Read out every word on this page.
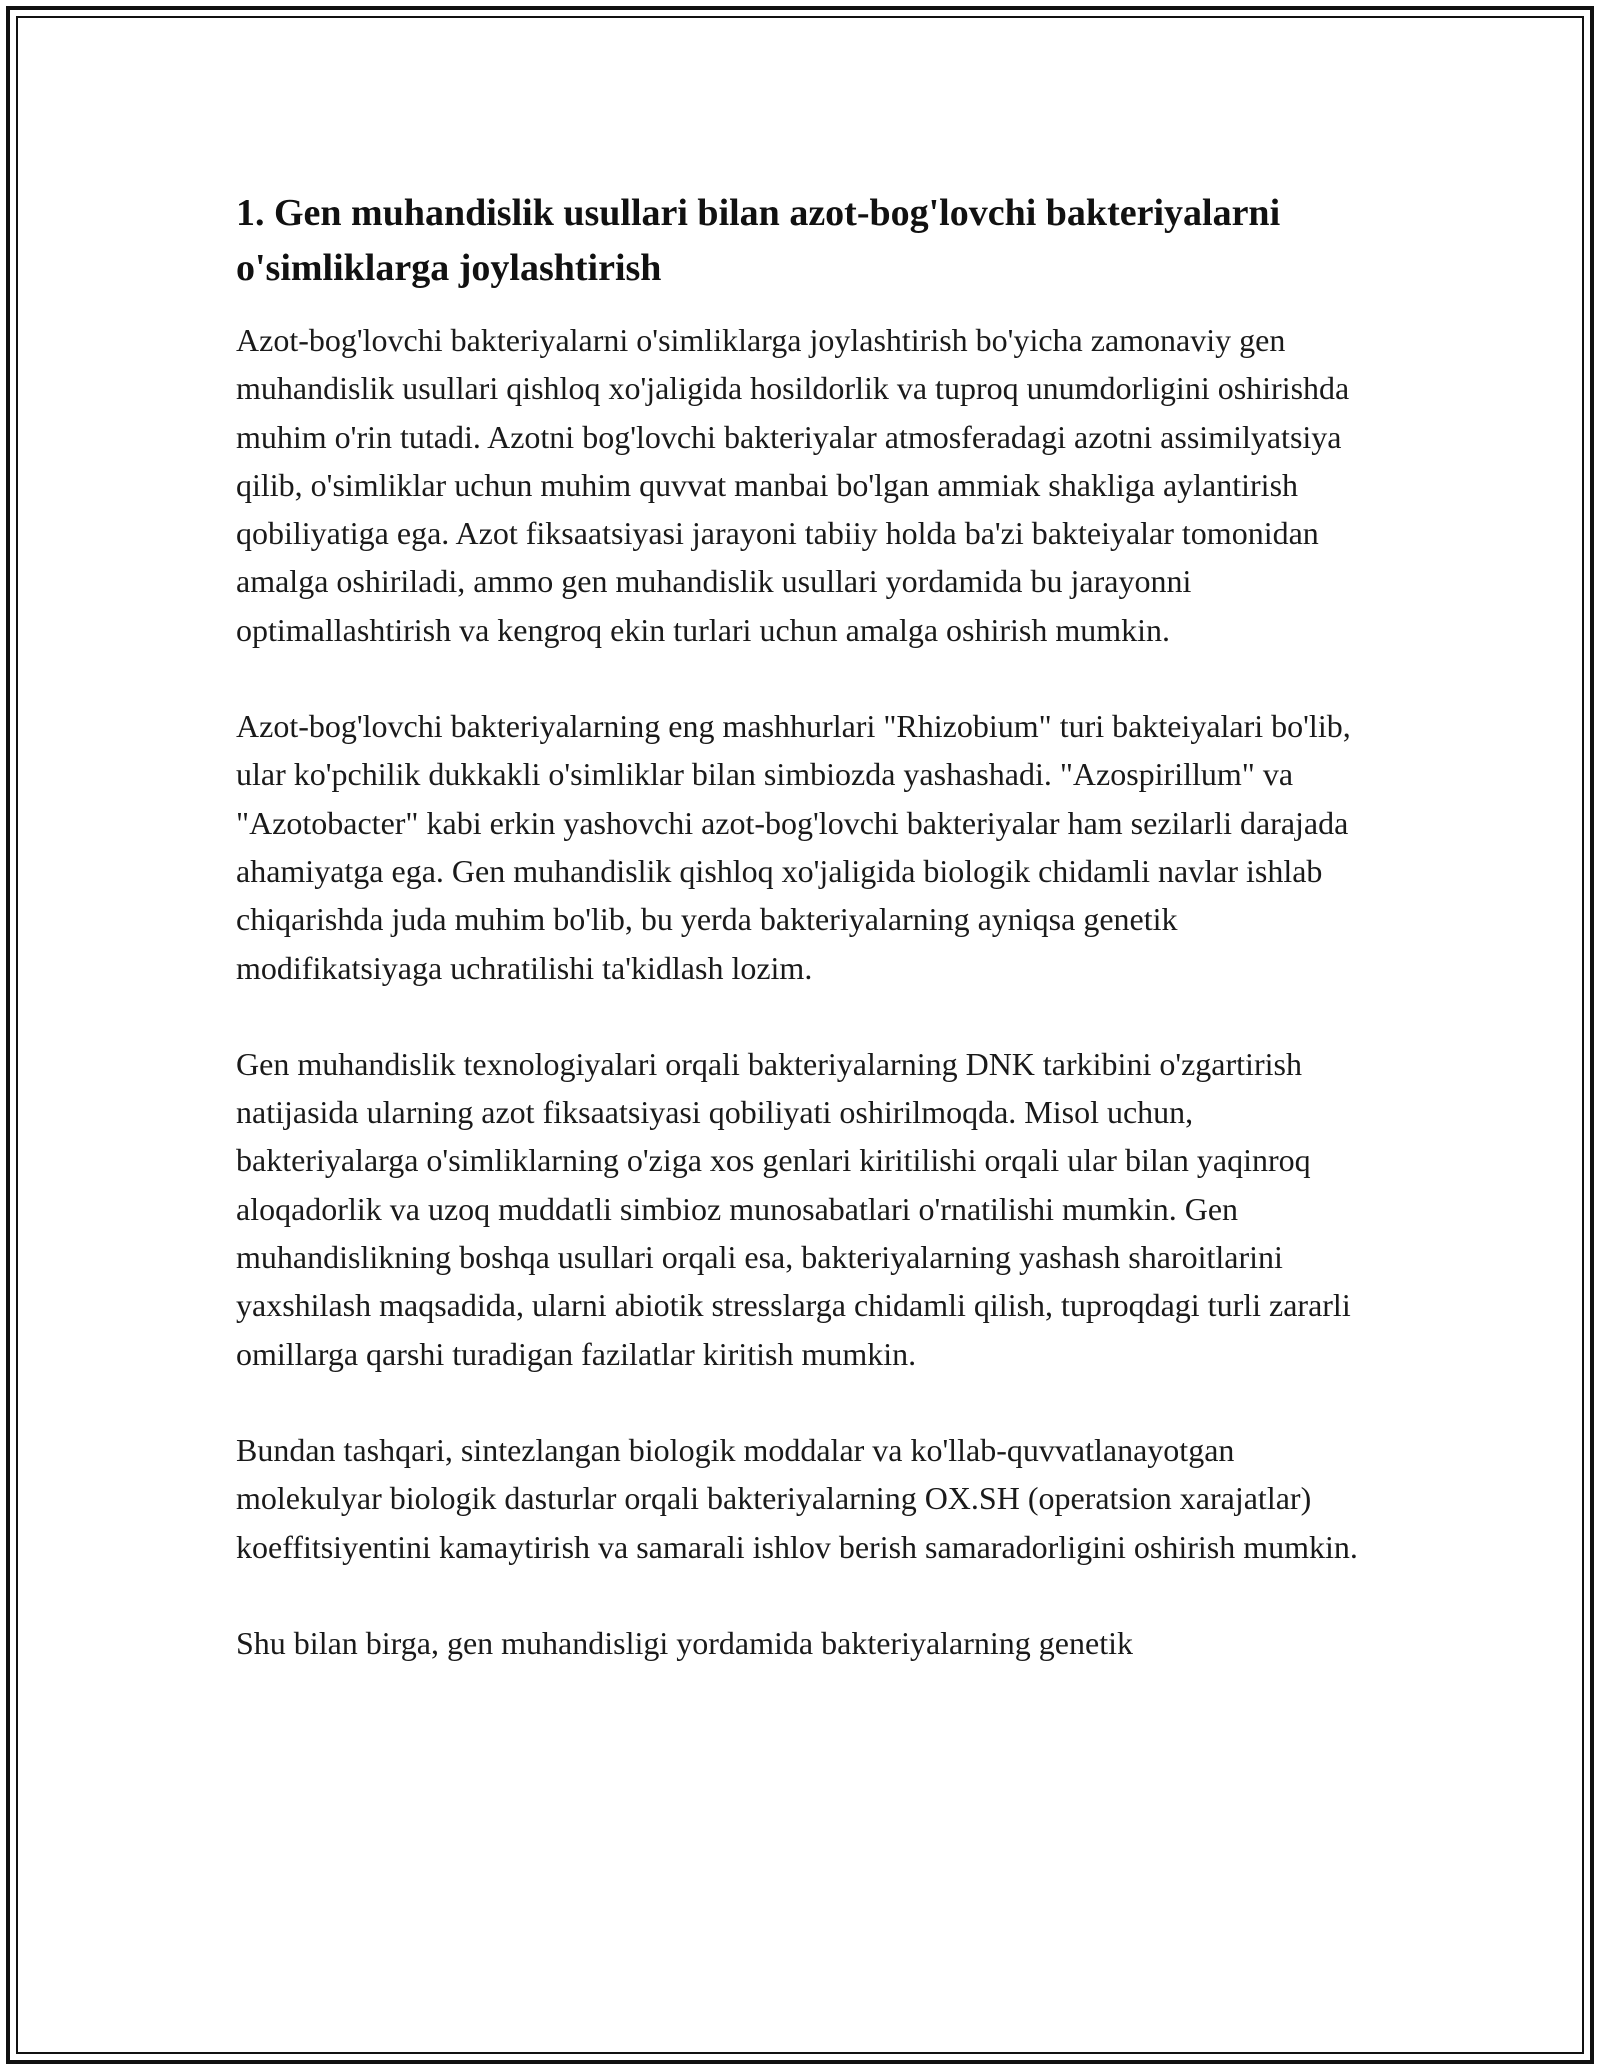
1. Gen muhandislik usullari bilan azot-bog'lovchi bakteriyalarni o'simliklarga joylashtirish

Azot-bog'lovchi bakteriyalarni o'simliklarga joylashtirish bo'yicha zamonaviy gen muhandislik usullari qishloq xo'jaligida hosildorlik va tuproq unumdorligini oshirishda muhim o'rin tutadi. Azotni bog'lovchi bakteriyalar atmosferadagi azotni assimilyatsiya qilib, o'simliklar uchun muhim quvvat manbai bo'lgan ammiak shakliga aylantirish qobiliyatiga ega. Azot fiksaatsiyasi jarayoni tabiiy holda ba'zi bakteiyalar tomonidan amalga oshiriladi, ammo gen muhandislik usullari yordamida bu jarayonni optimallashtirish va kengroq ekin turlari uchun amalga oshirish mumkin.

Azot-bog'lovchi bakteriyalarning eng mashhurlari "Rhizobium" turi bakteiyalari bo'lib, ular ko'pchilik dukkakli o'simliklar bilan simbiozda yashashadi. "Azospirillum" va "Azotobacter" kabi erkin yashovchi azot-bog'lovchi bakteriyalar ham sezilarli darajada ahamiyatga ega. Gen muhandislik qishloq xo'jaligida biologik chidamli navlar ishlab chiqarishda juda muhim bo'lib, bu yerda bakteriyalarning ayniqsa genetik modifikatsiyaga uchratilishi ta'kidlash lozim.

Gen muhandislik texnologiyalari orqali bakteriyalarning DNK tarkibini o'zgartirish natijasida ularning azot fiksaatsiyasi qobiliyati oshirilmoqda. Misol uchun, bakteriyalarga o'simliklarning o'ziga xos genlari kiritilishi orqali ular bilan yaqinroq aloqadorlik va uzoq muddatli simbioz munosabatlari o'rnatilishi mumkin. Gen muhandislikning boshqa usullari orqali esa, bakteriyalarning yashash sharoitlarini yaxshilash maqsadida, ularni abiotik stresslarga chidamli qilish, tuproqdagi turli zararli omillarga qarshi turadigan fazilatlar kiritish mumkin.

Bundan tashqari, sintezlangan biologik moddalar va ko'llab-quvvatlanayotgan molekulyar biologik dasturlar orqali bakteriyalarning OX.SH (operatsion xarajatlar) koeffitsiyentini kamaytirish va samarali ishlov berish samaradorligini oshirish mumkin.

Shu bilan birga, gen muhandisligi yordamida bakteriyalarning genetik
